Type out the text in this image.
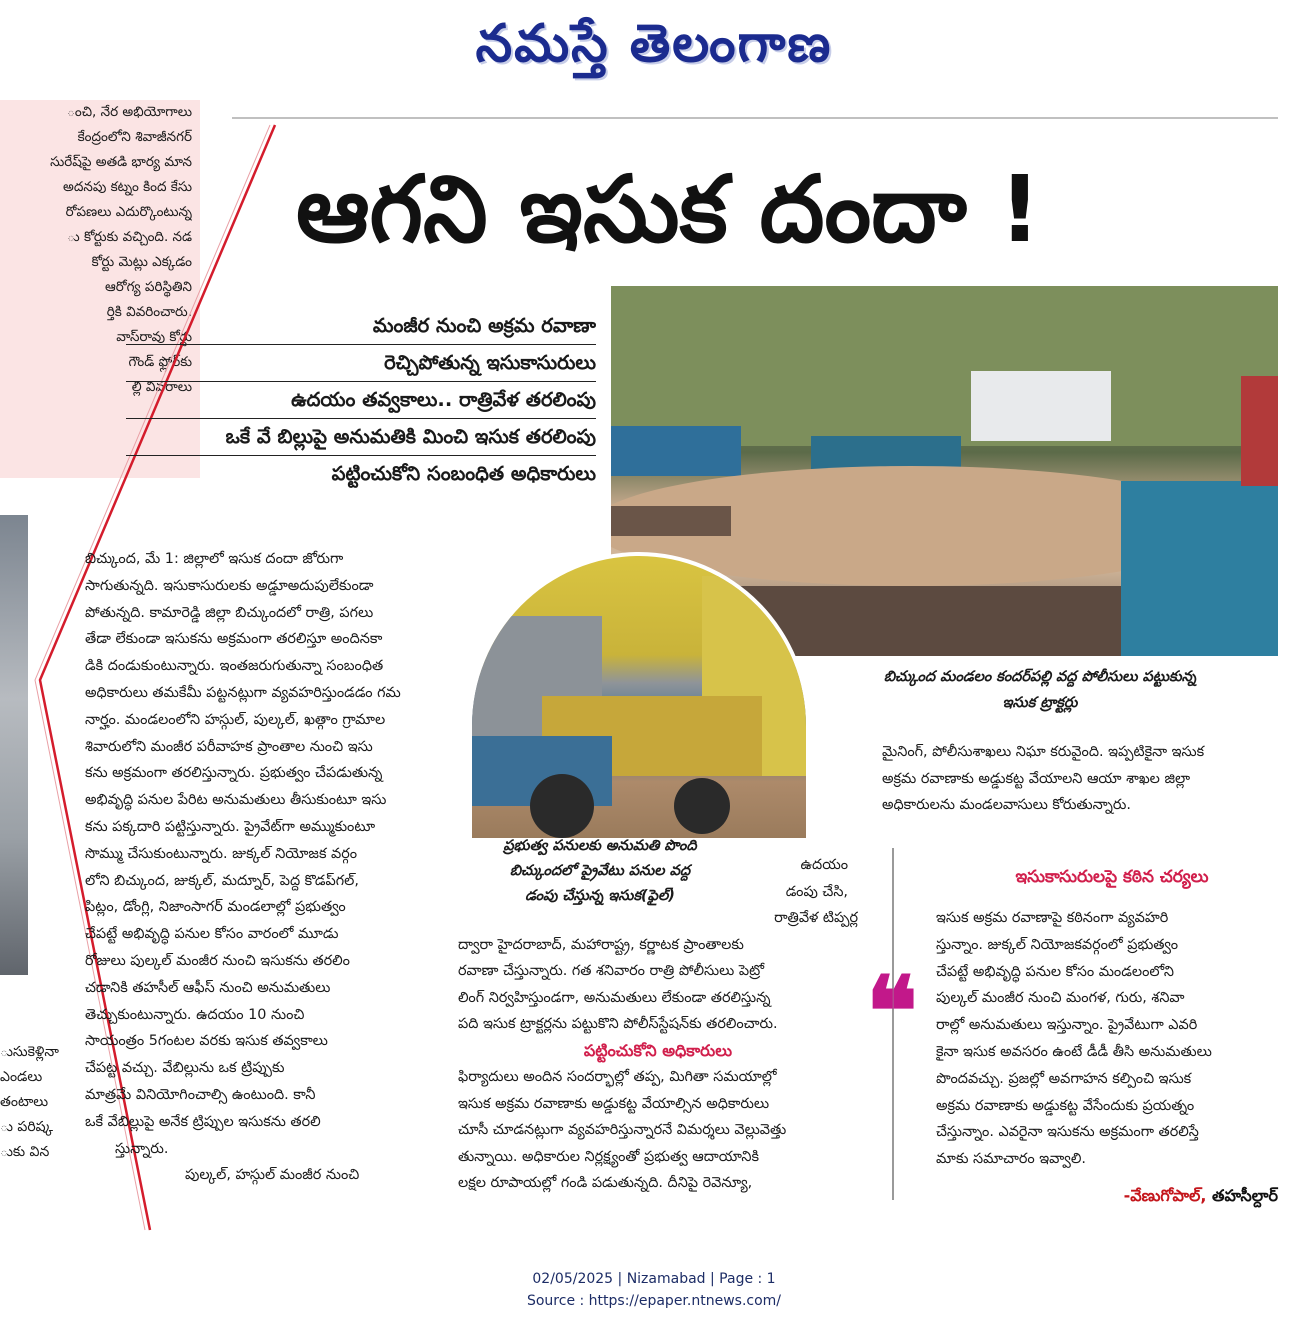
నమస్తే తెలంగాణ
ంచి, నేర అభియోగాలు
కేంద్రంలోని శివాజీనగర్
సురేష్‌పై అతడి భార్య మాన
అదనపు కట్నం కింద కేసు
రోపణలు ఎదుర్కొంటున్న
ు కోర్టుకు వచ్చింది. నడ
కోర్టు మెట్లు ఎక్కడం
ఆరోగ్య పరిస్థితిని
ర్తికి వివరించారు.
వాస్‌రావు కోర్టు
గౌండ్ ఫ్లోర్‌కు
ల్లి వివరాలు
ుసుకెళ్లినా
ఎండలు
తంటాలు
ు పరిష్క
ుకు విన
ఆగని ఇసుక దందా !
మంజీర నుంచి అక్రమ రవాణా
రెచ్చిపోతున్న ఇసుకాసురులు
ఉదయం తవ్వకాలు.. రాత్రివేళ తరలింపు
ఒకే వే బిల్లుపై అనుమతికి మించి ఇసుక తరలింపు
పట్టించుకోని సంబంధిత అధికారులు
బిచ్కుంద మండలం కందర్‌పల్లి వద్ద పోలీసులు పట్టుకున్న
ఇసుక ట్రాక్టర్లు
ప్రభుత్వ పనులకు అనుమతి పొంది
బిచ్కుందలో ప్రైవేటు పనుల వద్ద
డంపు చేస్తున్న ఇసుక(ఫైల్)
బిచ్కుంద, మే 1: జిల్లాలో ఇసుక దందా జోరుగా
సాగుతున్నది. ఇసుకాసురులకు అడ్డూఅదుపులేకుండా
పోతున్నది. కామారెడ్డి జిల్లా బిచ్కుందలో రాత్రి, పగలు
తేడా లేకుండా ఇసుకను అక్రమంగా తరలిస్తూ అందినకా
డికి దండుకుంటున్నారు. ఇంతజరుగుతున్నా సంబంధిత
అధికారులు తమకేమీ పట్టనట్లుగా వ్యవహరిస్తుండడం గమ
నార్హం. మండలంలోని హస్గుల్, పుల్కల్, ఖత్గాం గ్రామాల
శివారులోని మంజీర పరీవాహక ప్రాంతాల నుంచి ఇసు
కను అక్రమంగా తరలిస్తున్నారు. ప్రభుత్వం చేపడుతున్న
అభివృద్ధి పనుల పేరిట అనుమతులు తీసుకుంటూ ఇసు
కను పక్కదారి పట్టిస్తున్నారు. ప్రైవేట్‌గా అమ్ముకుంటూ
సొమ్ము చేసుకుంటున్నారు. జుక్కల్ నియోజక వర్గం
లోని బిచ్కుంద, జుక్కల్, మద్నూర్, పెద్ద కొడప్‌గల్,
పిట్లం, డోంగ్లి, నిజాంసాగర్ మండలాల్లో ప్రభుత్వం
చేపట్టే అభివృద్ధి పనుల కోసం వారంలో మూడు
రోజులు పుల్కల్ మంజీర నుంచి ఇసుకను తరలిం
చడానికి తహసీల్ ఆఫీస్ నుంచి అనుమతులు
తెచ్చుకుంటున్నారు. ఉదయం 10 నుంచి
సాయంత్రం 5గంటల వరకు ఇసుక తవ్వకాలు
చేపట్ట వచ్చు. వేబిల్లును ఒక ట్రిప్పుకు
మాత్రమే వినియోగించాల్సి ఉంటుంది. కానీ
ఒకే వేబిల్లుపై అనేక ట్రిప్పుల ఇసుకను తరలి
స్తున్నారు.
పుల్కల్, హస్గుల్ మంజీర నుంచి
ఉదయం
డంపు చేసి,
రాత్రివేళ టిప్పర్ల
ద్వారా హైదరాబాద్, మహారాష్ట్ర, కర్ణాటక ప్రాంతాలకు
రవాణా చేస్తున్నారు. గత శనివారం రాత్రి పోలీసులు పెట్రో
లింగ్ నిర్వహిస్తుండగా, అనుమతులు లేకుండా తరలిస్తున్న
పది ఇసుక ట్రాక్టర్లను పట్టుకొని పోలీస్‌స్టేషన్‌కు తరలించారు.
పట్టించుకోని అధికారులు
ఫిర్యాదులు అందిన సందర్భాల్లో తప్ప, మిగితా సమయాల్లో
ఇసుక అక్రమ రవాణాకు అడ్డుకట్ట వేయాల్సిన అధికారులు
చూసీ చూడనట్లుగా వ్యవహరిస్తున్నారనే విమర్శలు వెల్లువెత్తు
తున్నాయి. అధికారుల నిర్లక్ష్యంతో ప్రభుత్వ ఆదాయానికి
లక్షల రూపాయల్లో గండి పడుతున్నది. దీనిపై రెవెన్యూ,
మైనింగ్, పోలీసుశాఖలు నిఘా కరువైంది. ఇప్పటికైనా ఇసుక
అక్రమ రవాణాకు అడ్డుకట్ట వేయాలని ఆయా శాఖల జిల్లా
అధికారులను మండలవాసులు కోరుతున్నారు.
ఇసుకాసురులపై కఠిన చర్యలు
❝
ఇసుక అక్రమ రవాణాపై కఠినంగా వ్యవహరి
స్తున్నాం. జుక్కల్ నియోజకవర్గంలో ప్రభుత్వం
చేపట్టే అభివృద్ధి పనుల కోసం మండలంలోని
పుల్కల్ మంజీర నుంచి మంగళ, గురు, శనివా
రాల్లో అనుమతులు ఇస్తున్నాం. ప్రైవేటుగా ఎవరి
కైనా ఇసుక అవసరం ఉంటే డీడీ తీసి అనుమతులు
పొందవచ్చు. ప్రజల్లో అవగాహన కల్పించి ఇసుక
అక్రమ రవాణాకు అడ్డుకట్ట వేసేందుకు ప్రయత్నం
చేస్తున్నాం. ఎవరైనా ఇసుకను అక్రమంగా తరలిస్తే
మాకు సమాచారం ఇవ్వాలి.
-వేణుగోపాల్, తహసీల్దార్
02/05/2025 | Nizamabad | Page : 1
Source : https://epaper.ntnews.com/
